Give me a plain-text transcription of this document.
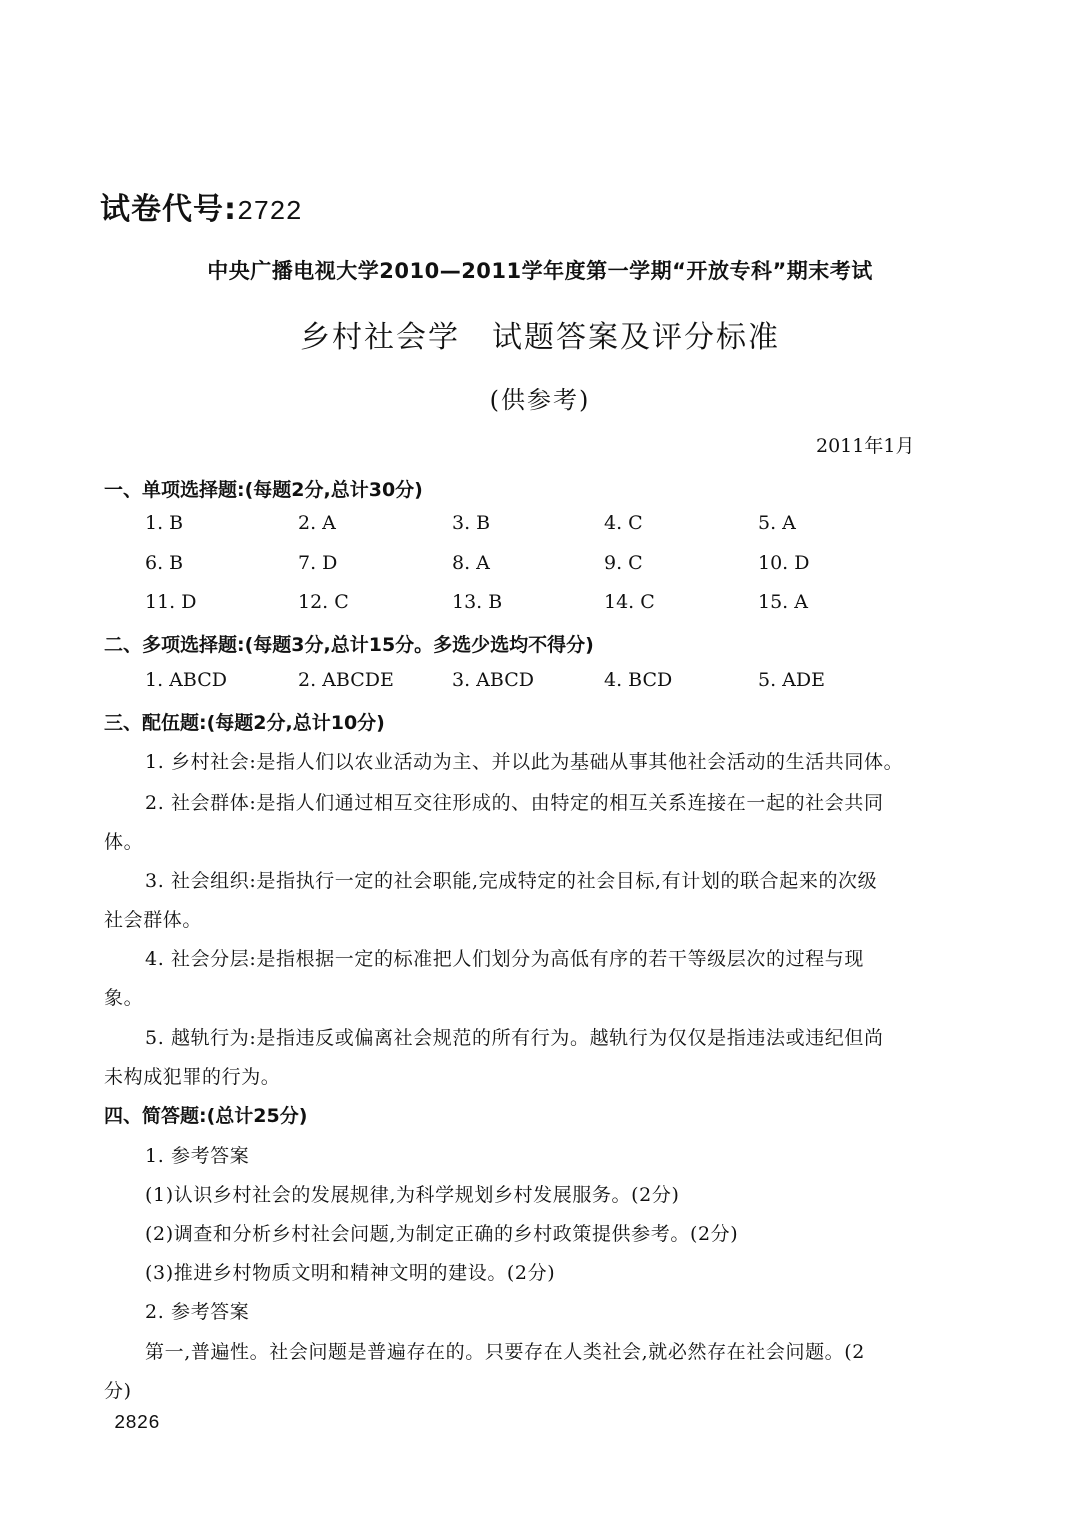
试卷代号:2722
中央广播电视大学2010—2011学年度第一学期“开放专科”期末考试
乡村社会学　试题答案及评分标准
(供参考)
2011年1月
一、单项选择题:(每题2分,总计30分)
1. B	2. A	3. B	4. C	5. A
6. B	7. D	8. A	9. C	10. D
11. D	12. C	13. B	14. C	15. A
二、多项选择题:(每题3分,总计15分。多选少选均不得分)
1. ABCD	2. ABCDE	3. ABCD	4. BCD	5. ADE
三、配伍题:(每题2分,总计10分)
1. 乡村社会:是指人们以农业活动为主、并以此为基础从事其他社会活动的生活共同体。
2. 社会群体:是指人们通过相互交往形成的、由特定的相互关系连接在一起的社会共同
体。
3. 社会组织:是指执行一定的社会职能,完成特定的社会目标,有计划的联合起来的次级
社会群体。
4. 社会分层:是指根据一定的标准把人们划分为高低有序的若干等级层次的过程与现
象。
5. 越轨行为:是指违反或偏离社会规范的所有行为。越轨行为仅仅是指违法或违纪但尚
未构成犯罪的行为。
四、简答题:(总计25分)
1. 参考答案
(1)认识乡村社会的发展规律,为科学规划乡村发展服务。(2分)
(2)调查和分析乡村社会问题,为制定正确的乡村政策提供参考。(2分)
(3)推进乡村物质文明和精神文明的建设。(2分)
2. 参考答案
第一,普遍性。社会问题是普遍存在的。只要存在人类社会,就必然存在社会问题。(2
分)
2826
